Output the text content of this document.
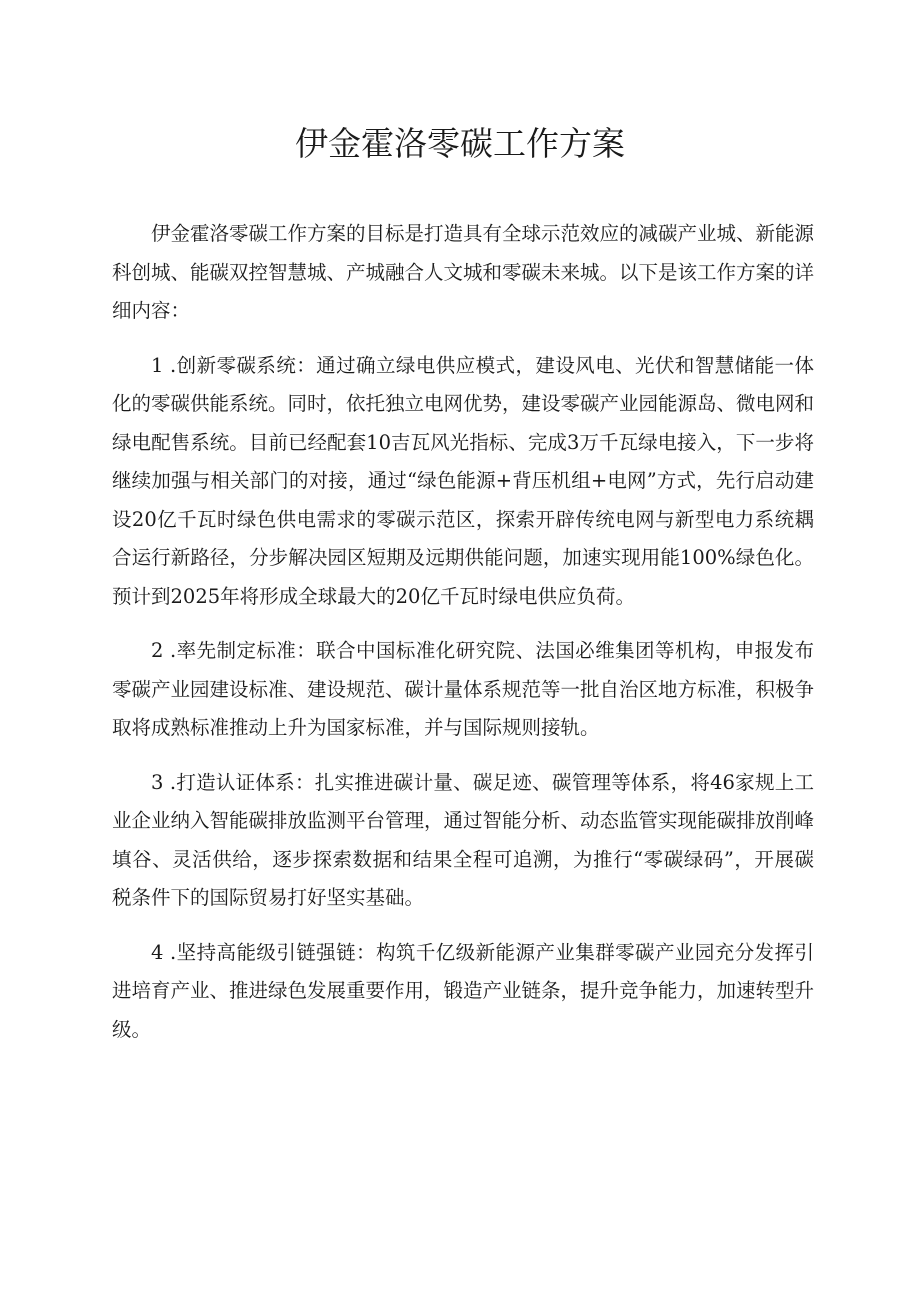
伊金霍洛零碳工作方案

伊金霍洛零碳工作方案的目标是打造具有全球示范效应的减碳产业城、新能源科创城、能碳双控智慧城、产城融合人文城和零碳未来城。以下是该工作方案的详细内容：

1 .创新零碳系统：通过确立绿电供应模式，建设风电、光伏和智慧储能一体化的零碳供能系统。同时，依托独立电网优势，建设零碳产业园能源岛、微电网和绿电配售系统。目前已经配套10吉瓦风光指标、完成3万千瓦绿电接入，下一步将继续加强与相关部门的对接，通过“绿色能源+背压机组+电网”方式，先行启动建设20亿千瓦时绿色供电需求的零碳示范区，探索开辟传统电网与新型电力系统耦合运行新路径，分步解决园区短期及远期供能问题，加速实现用能100%绿色化。预计到2025年将形成全球最大的20亿千瓦时绿电供应负荷。

2 .率先制定标准：联合中国标准化研究院、法国必维集团等机构，申报发布零碳产业园建设标准、建设规范、碳计量体系规范等一批自治区地方标准，积极争取将成熟标准推动上升为国家标准，并与国际规则接轨。

3 .打造认证体系：扎实推进碳计量、碳足迹、碳管理等体系，将46家规上工业企业纳入智能碳排放监测平台管理，通过智能分析、动态监管实现能碳排放削峰填谷、灵活供给，逐步探索数据和结果全程可追溯，为推行“零碳绿码”，开展碳税条件下的国际贸易打好坚实基础。

4 .坚持高能级引链强链：构筑千亿级新能源产业集群零碳产业园充分发挥引进培育产业、推进绿色发展重要作用，锻造产业链条，提升竞争能力，加速转型升级。
